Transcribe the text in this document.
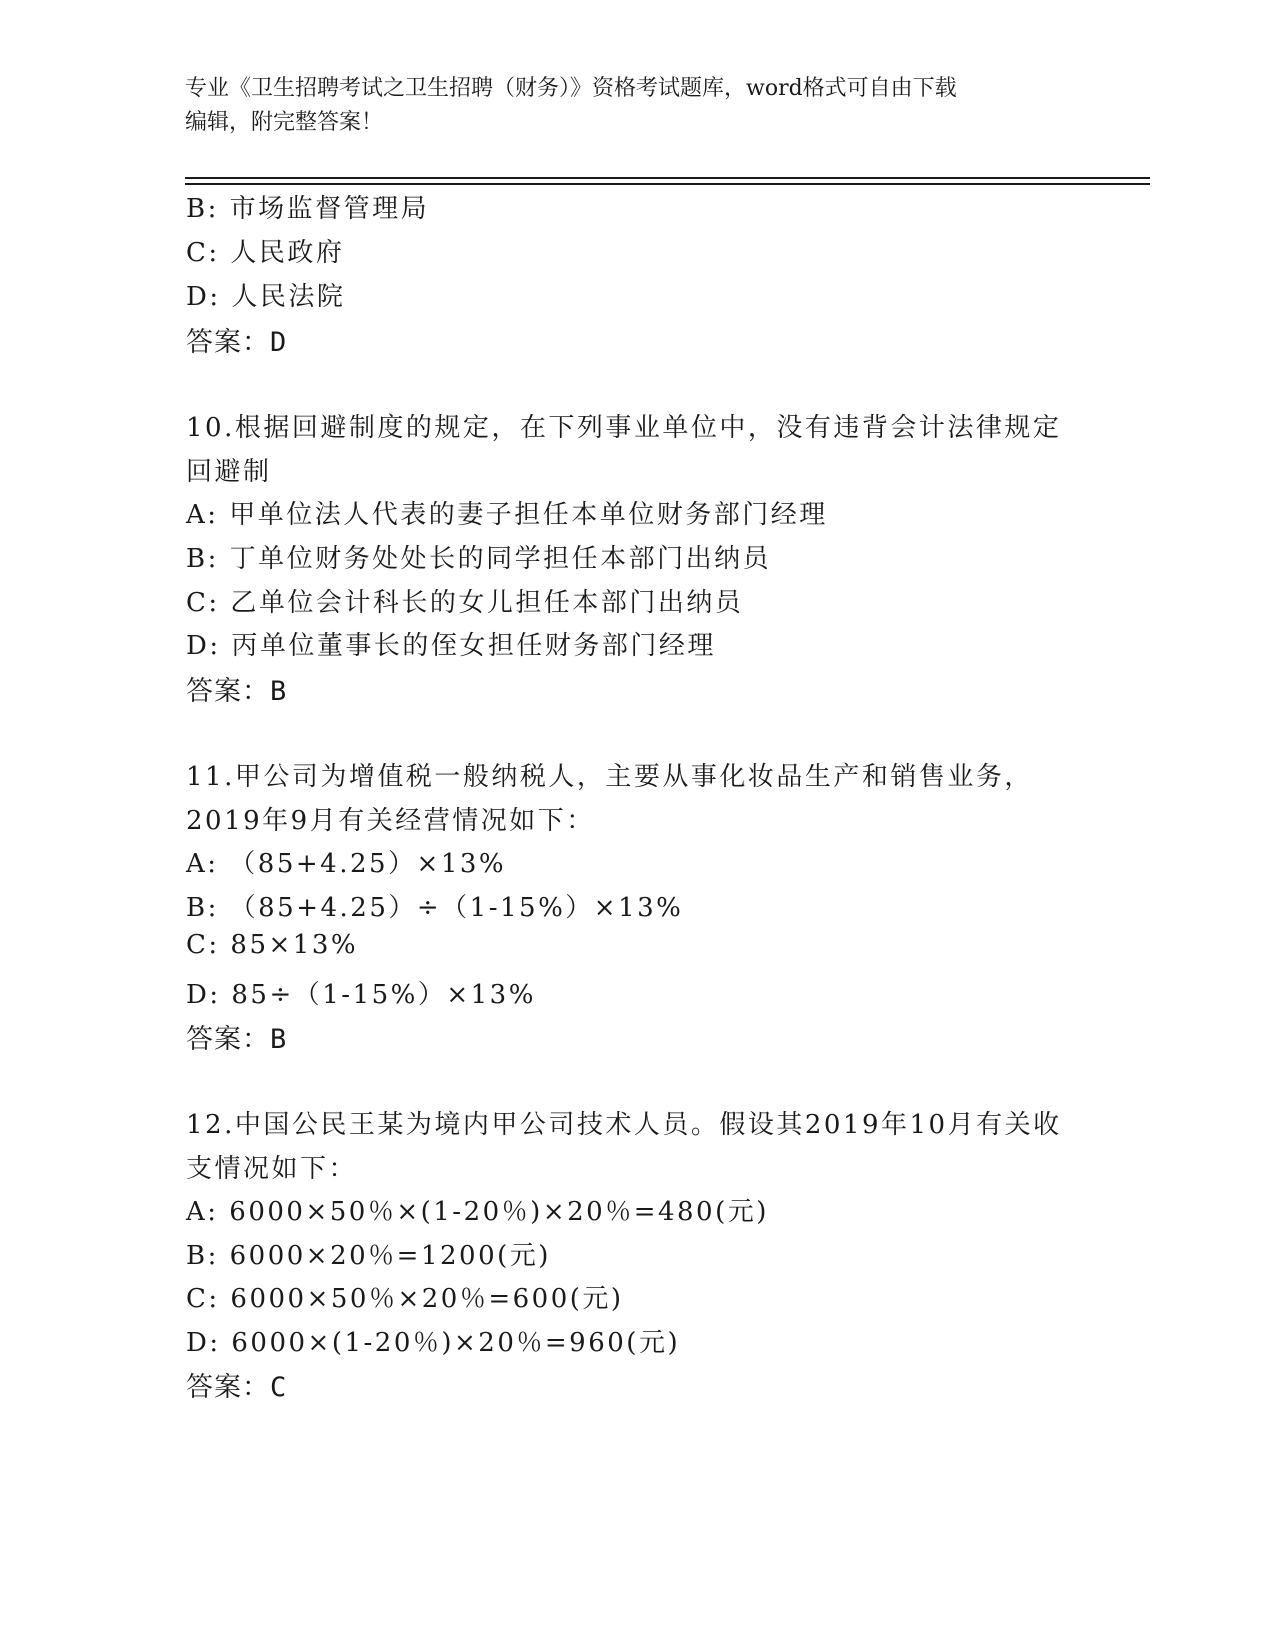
专业《卫生招聘考试之卫生招聘（财务）》资格考试题库，word格式可自由下载
编辑，附完整答案！
B: 市场监督管理局
C: 人民政府
D: 人民法院
答案：D
10.根据回避制度的规定，在下列事业单位中，没有违背会计法律规定
回避制
A: 甲单位法人代表的妻子担任本单位财务部门经理
B: 丁单位财务处处长的同学担任本部门出纳员
C: 乙单位会计科长的女儿担任本部门出纳员
D: 丙单位董事长的侄女担任财务部门经理
答案：B
11.甲公司为增值税一般纳税人，主要从事化妆品生产和销售业务，
2019年9月有关经营情况如下：
A: （85+4.25）×13%
B: （85+4.25）÷（1-15%）×13%
C: 85×13%
D: 85÷（1-15%）×13%
答案：B
12.中国公民王某为境内甲公司技术人员。假设其2019年10月有关收
支情况如下：
A: 6000×50％×(1-20％)×20％=480(元)
B: 6000×20％=1200(元)
C: 6000×50％×20％=600(元)
D: 6000×(1-20％)×20％=960(元)
答案：C
